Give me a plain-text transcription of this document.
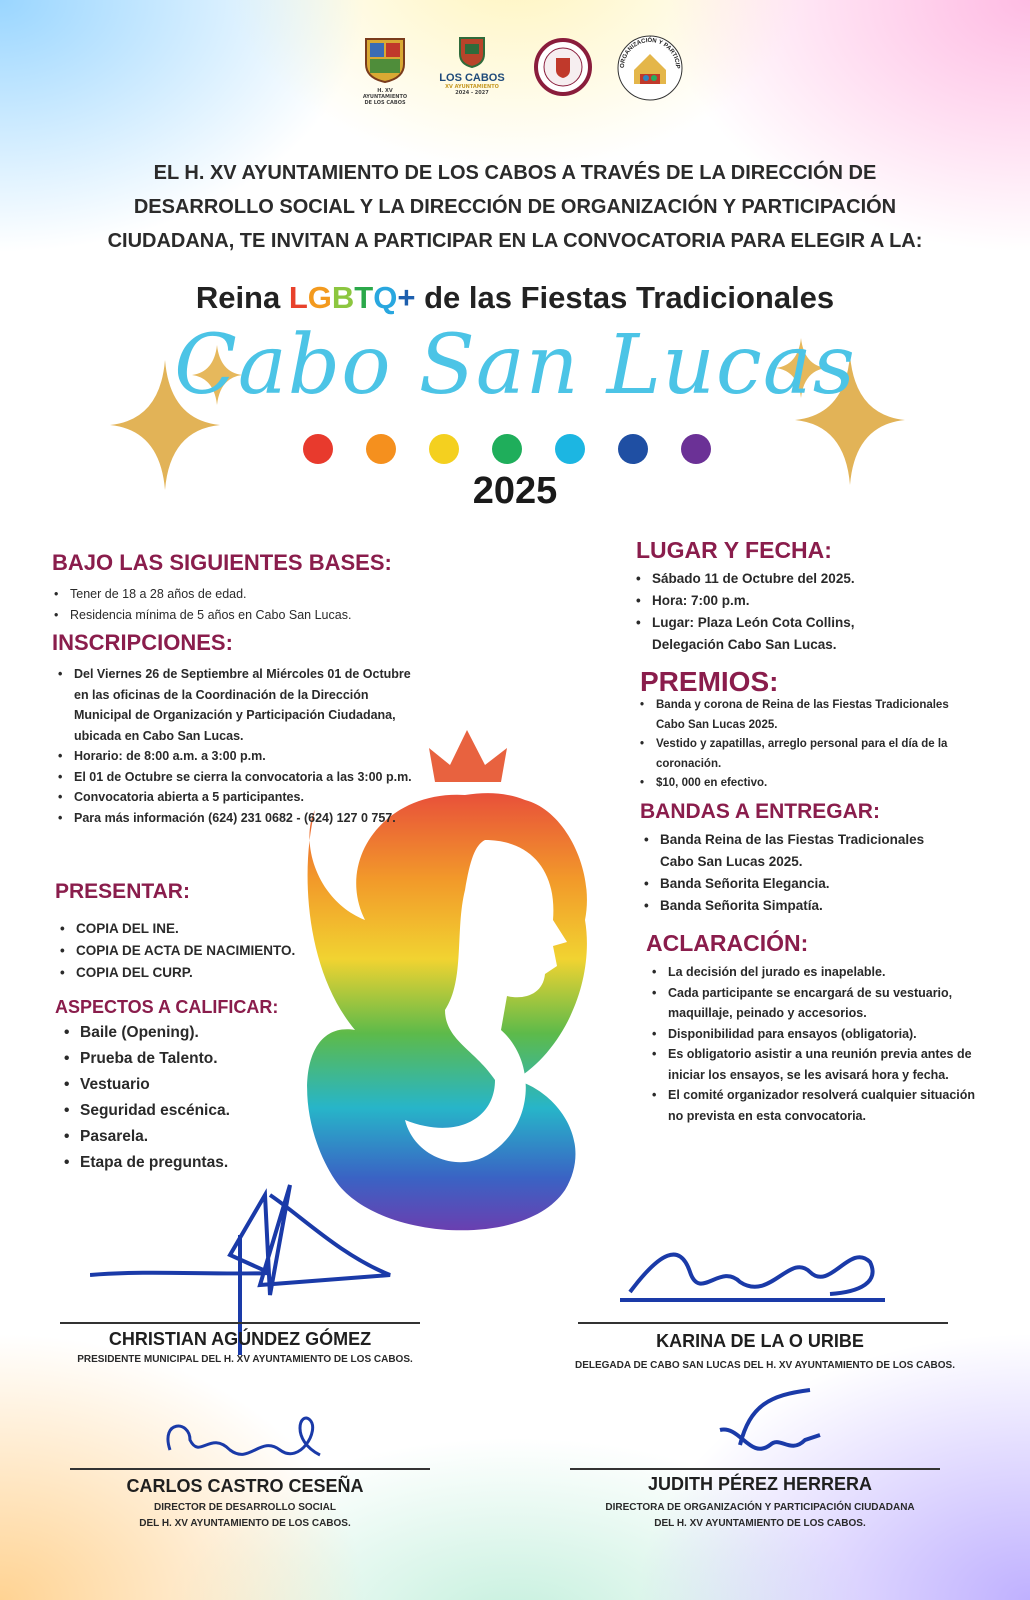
H. XV AYUNTAMIENTO
DE LOS CABOS
LOS CABOS
XV AYUNTAMIENTO
2024 - 2027
ORGANIZACIÓN Y PARTICIP
EL H. XV AYUNTAMIENTO DE LOS CABOS A TRAVÉS DE LA DIRECCIÓN DE
DESARROLLO SOCIAL Y LA DIRECCIÓN DE ORGANIZACIÓN Y PARTICIPACIÓN
CIUDADANA, TE INVITAN A PARTICIPAR EN LA CONVOCATORIA PARA ELEGIR A LA:
Reina LGBTQ+ de las Fiestas Tradicionales
Cabo San Lucas
2025
BAJO LAS SIGUIENTES BASES:
• Tener de 18 a 28 años de edad.
• Residencia mínima de 5 años en Cabo San Lucas.
INSCRIPCIONES:
• Del Viernes 26 de Septiembre al Miércoles 01 de Octubre en las oficinas de la Coordinación de la Dirección Municipal de Organización y Participación Ciudadana, ubicada en Cabo San Lucas.
• Horario: de 8:00 a.m. a 3:00 p.m.
• El 01 de Octubre se cierra la convocatoria a las 3:00 p.m.
• Convocatoria abierta a 5 participantes.
• Para más información (624) 231 0682 - (624) 127 0 757.
PRESENTAR:
• COPIA DEL INE.
• COPIA DE ACTA DE NACIMIENTO.
• COPIA DEL CURP.
ASPECTOS A CALIFICAR:
• Baile (Opening).
• Prueba de Talento.
• Vestuario
• Seguridad escénica.
• Pasarela.
• Etapa de preguntas.
LUGAR Y FECHA:
• Sábado 11 de Octubre del 2025.
• Hora: 7:00 p.m.
• Lugar: Plaza León Cota Collins, Delegación Cabo San Lucas.
PREMIOS:
• Banda y corona de Reina de las Fiestas Tradicionales Cabo San Lucas 2025.
• Vestido y zapatillas, arreglo personal para el día de la coronación.
• $10, 000 en efectivo.
BANDAS A ENTREGAR:
• Banda Reina de las Fiestas Tradicionales Cabo San Lucas 2025.
• Banda Señorita Elegancia.
• Banda Señorita Simpatía.
ACLARACIÓN:
• La decisión del jurado es inapelable.
• Cada participante se encargará de su vestuario, maquillaje, peinado y accesorios.
• Disponibilidad para ensayos (obligatoria).
• Es obligatorio asistir a una reunión previa antes de iniciar los ensayos, se les avisará hora y fecha.
• El comité organizador resolverá cualquier situación no prevista en esta convocatoria.
CHRISTIAN AGÚNDEZ GÓMEZ
PRESIDENTE MUNICIPAL DEL H. XV AYUNTAMIENTO DE LOS CABOS.
KARINA DE LA O URIBE
DELEGADA DE CABO SAN LUCAS DEL H. XV AYUNTAMIENTO DE LOS CABOS.
CARLOS CASTRO CESEÑA
DIRECTOR DE DESARROLLO SOCIAL
DEL H. XV AYUNTAMIENTO DE LOS CABOS.
JUDITH PÉREZ HERRERA
DIRECTORA DE ORGANIZACIÓN Y PARTICIPACIÓN CIUDADANA
DEL H. XV AYUNTAMIENTO DE LOS CABOS.
